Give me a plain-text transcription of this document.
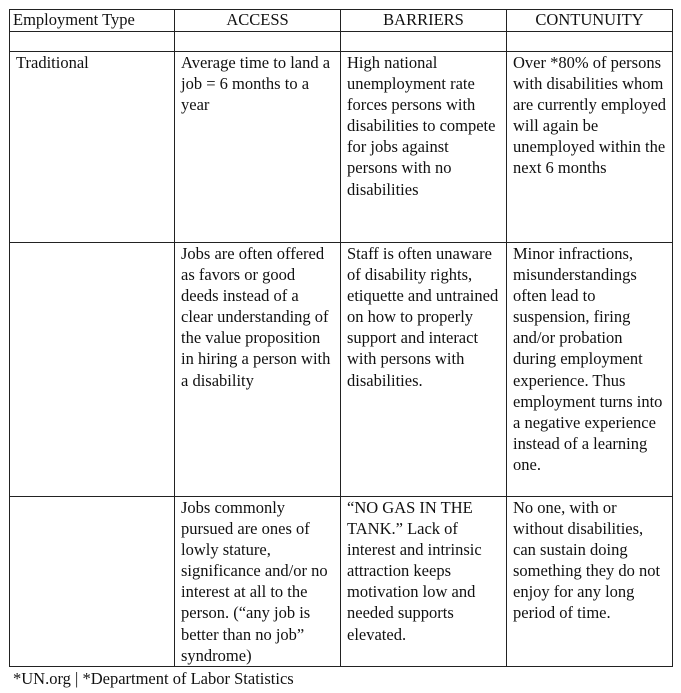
Employment Type	ACCESS	BARRIERS	CONTUNUITY

Traditional	Average time to land a job = 6 months to a year	High national unemployment rate forces persons with disabilities to compete for jobs against persons with no disabilities	Over *80% of persons with disabilities whom are currently employed will again be unemployed within the next 6 months
	Jobs are often offered as favors or good deeds instead of a clear understanding of the value proposition in hiring a person with a disability	Staff is often unaware of disability rights, etiquette and untrained on how to properly support and interact with persons with disabilities.	Minor infractions, misunderstandings often lead to suspension, firing and/or probation during employment experience. Thus employment turns into a negative experience instead of a learning one.
	Jobs commonly pursued are ones of lowly stature, significance and/or no interest at all to the person. (“any job is better than no job” syndrome)	“NO GAS IN THE TANK.” Lack of interest and intrinsic attraction keeps motivation low and needed supports elevated.	No one, with or without disabilities, can sustain doing something they do not enjoy for any long period of time.
*UN.org | *Department of Labor Statistics
